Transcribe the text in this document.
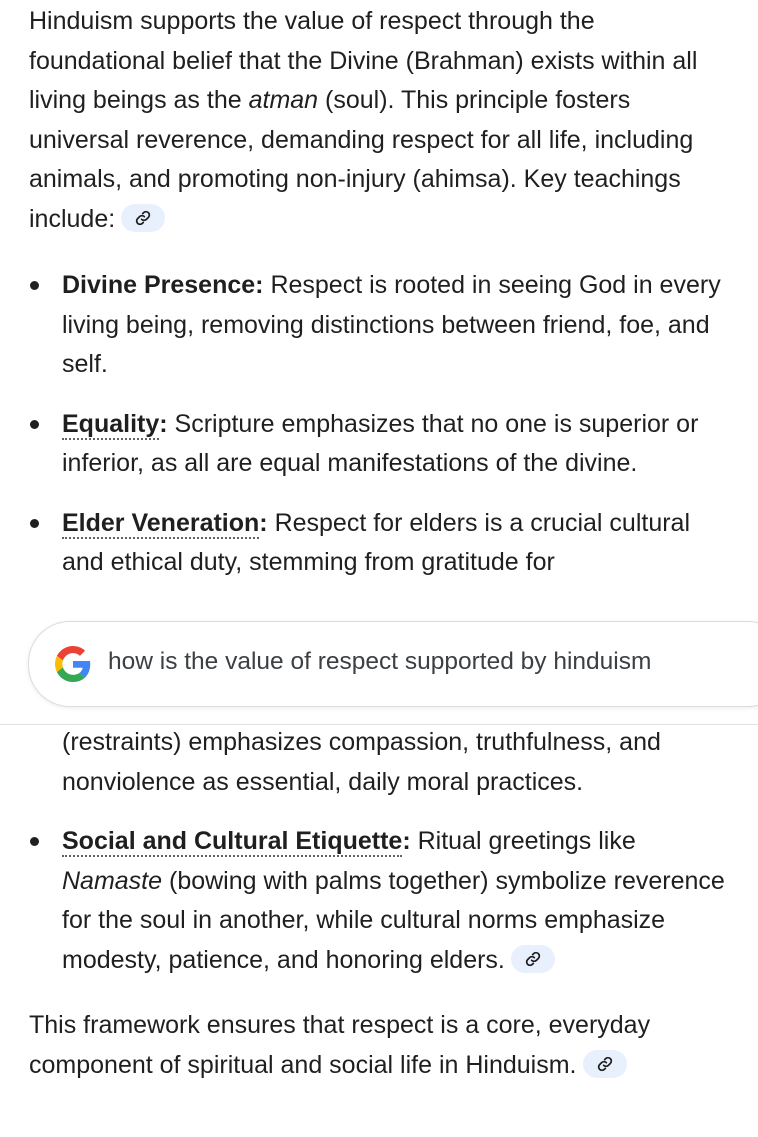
Hinduism supports the value of respect through the foundational belief that the Divine (Brahman) exists within all living beings as the atman (soul). This principle fosters universal reverence, demanding respect for all life, including animals, and promoting non-injury (ahimsa). Key teachings include:

Divine Presence: Respect is rooted in seeing God in every living being, removing distinctions between friend, foe, and self.
Equality: Scripture emphasizes that no one is superior or inferior, as all are equal manifestations of the divine.
Elder Veneration: Respect for elders is a crucial cultural and ethical duty, stemming from gratitude for
(restraints) emphasizes compassion, truthfulness, and nonviolence as essential, daily moral practices.
Social and Cultural Etiquette: Ritual greetings like Namaste (bowing with palms together) symbolize reverence for the soul in another, while cultural norms emphasize modesty, patience, and honoring elders.

This framework ensures that respect is a core, everyday component of spiritual and social life in Hinduism.

how is the value of respect supported by hinduism
